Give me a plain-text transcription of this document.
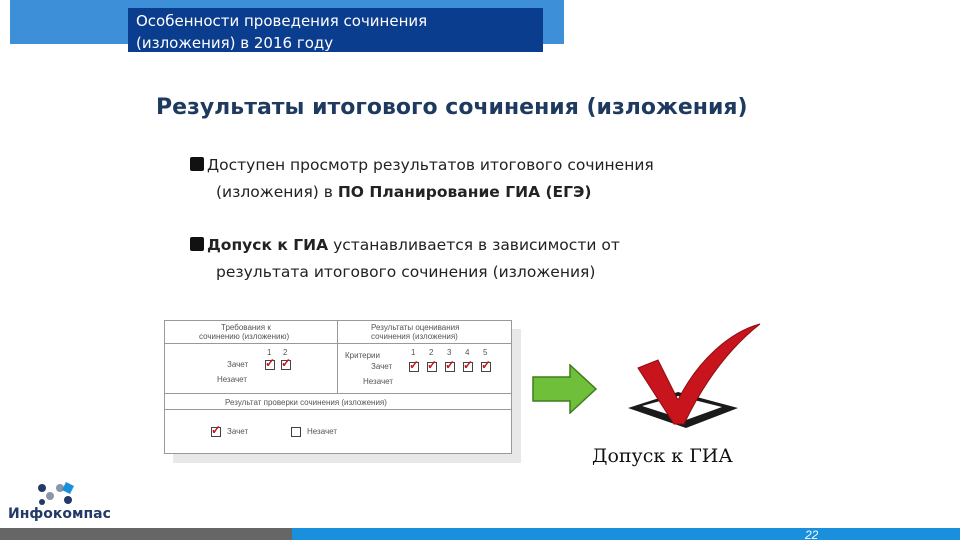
Особенности проведения сочинения
(изложения) в 2016 году
Результаты итогового сочинения (изложения)
Доступен просмотр результатов итогового сочинения
(изложения) в ПО Планирование ГИА (ЕГЭ)
Допуск к ГИА устанавливается в зависимости от
результата итогового сочинения (изложения)
Требования к
сочинению (изложению)
1 2
Зачет
Незачет
✓ ✓
Результаты оценивания
сочинения (изложения)
Критерии	1 2 3 4 5
Зачет
Незачет
✓ ✓ ✓ ✓ ✓
Результат проверки сочинения (изложения)
✓ Зачет	Незачет
Допуск к ГИА
Инфокомпас
22
